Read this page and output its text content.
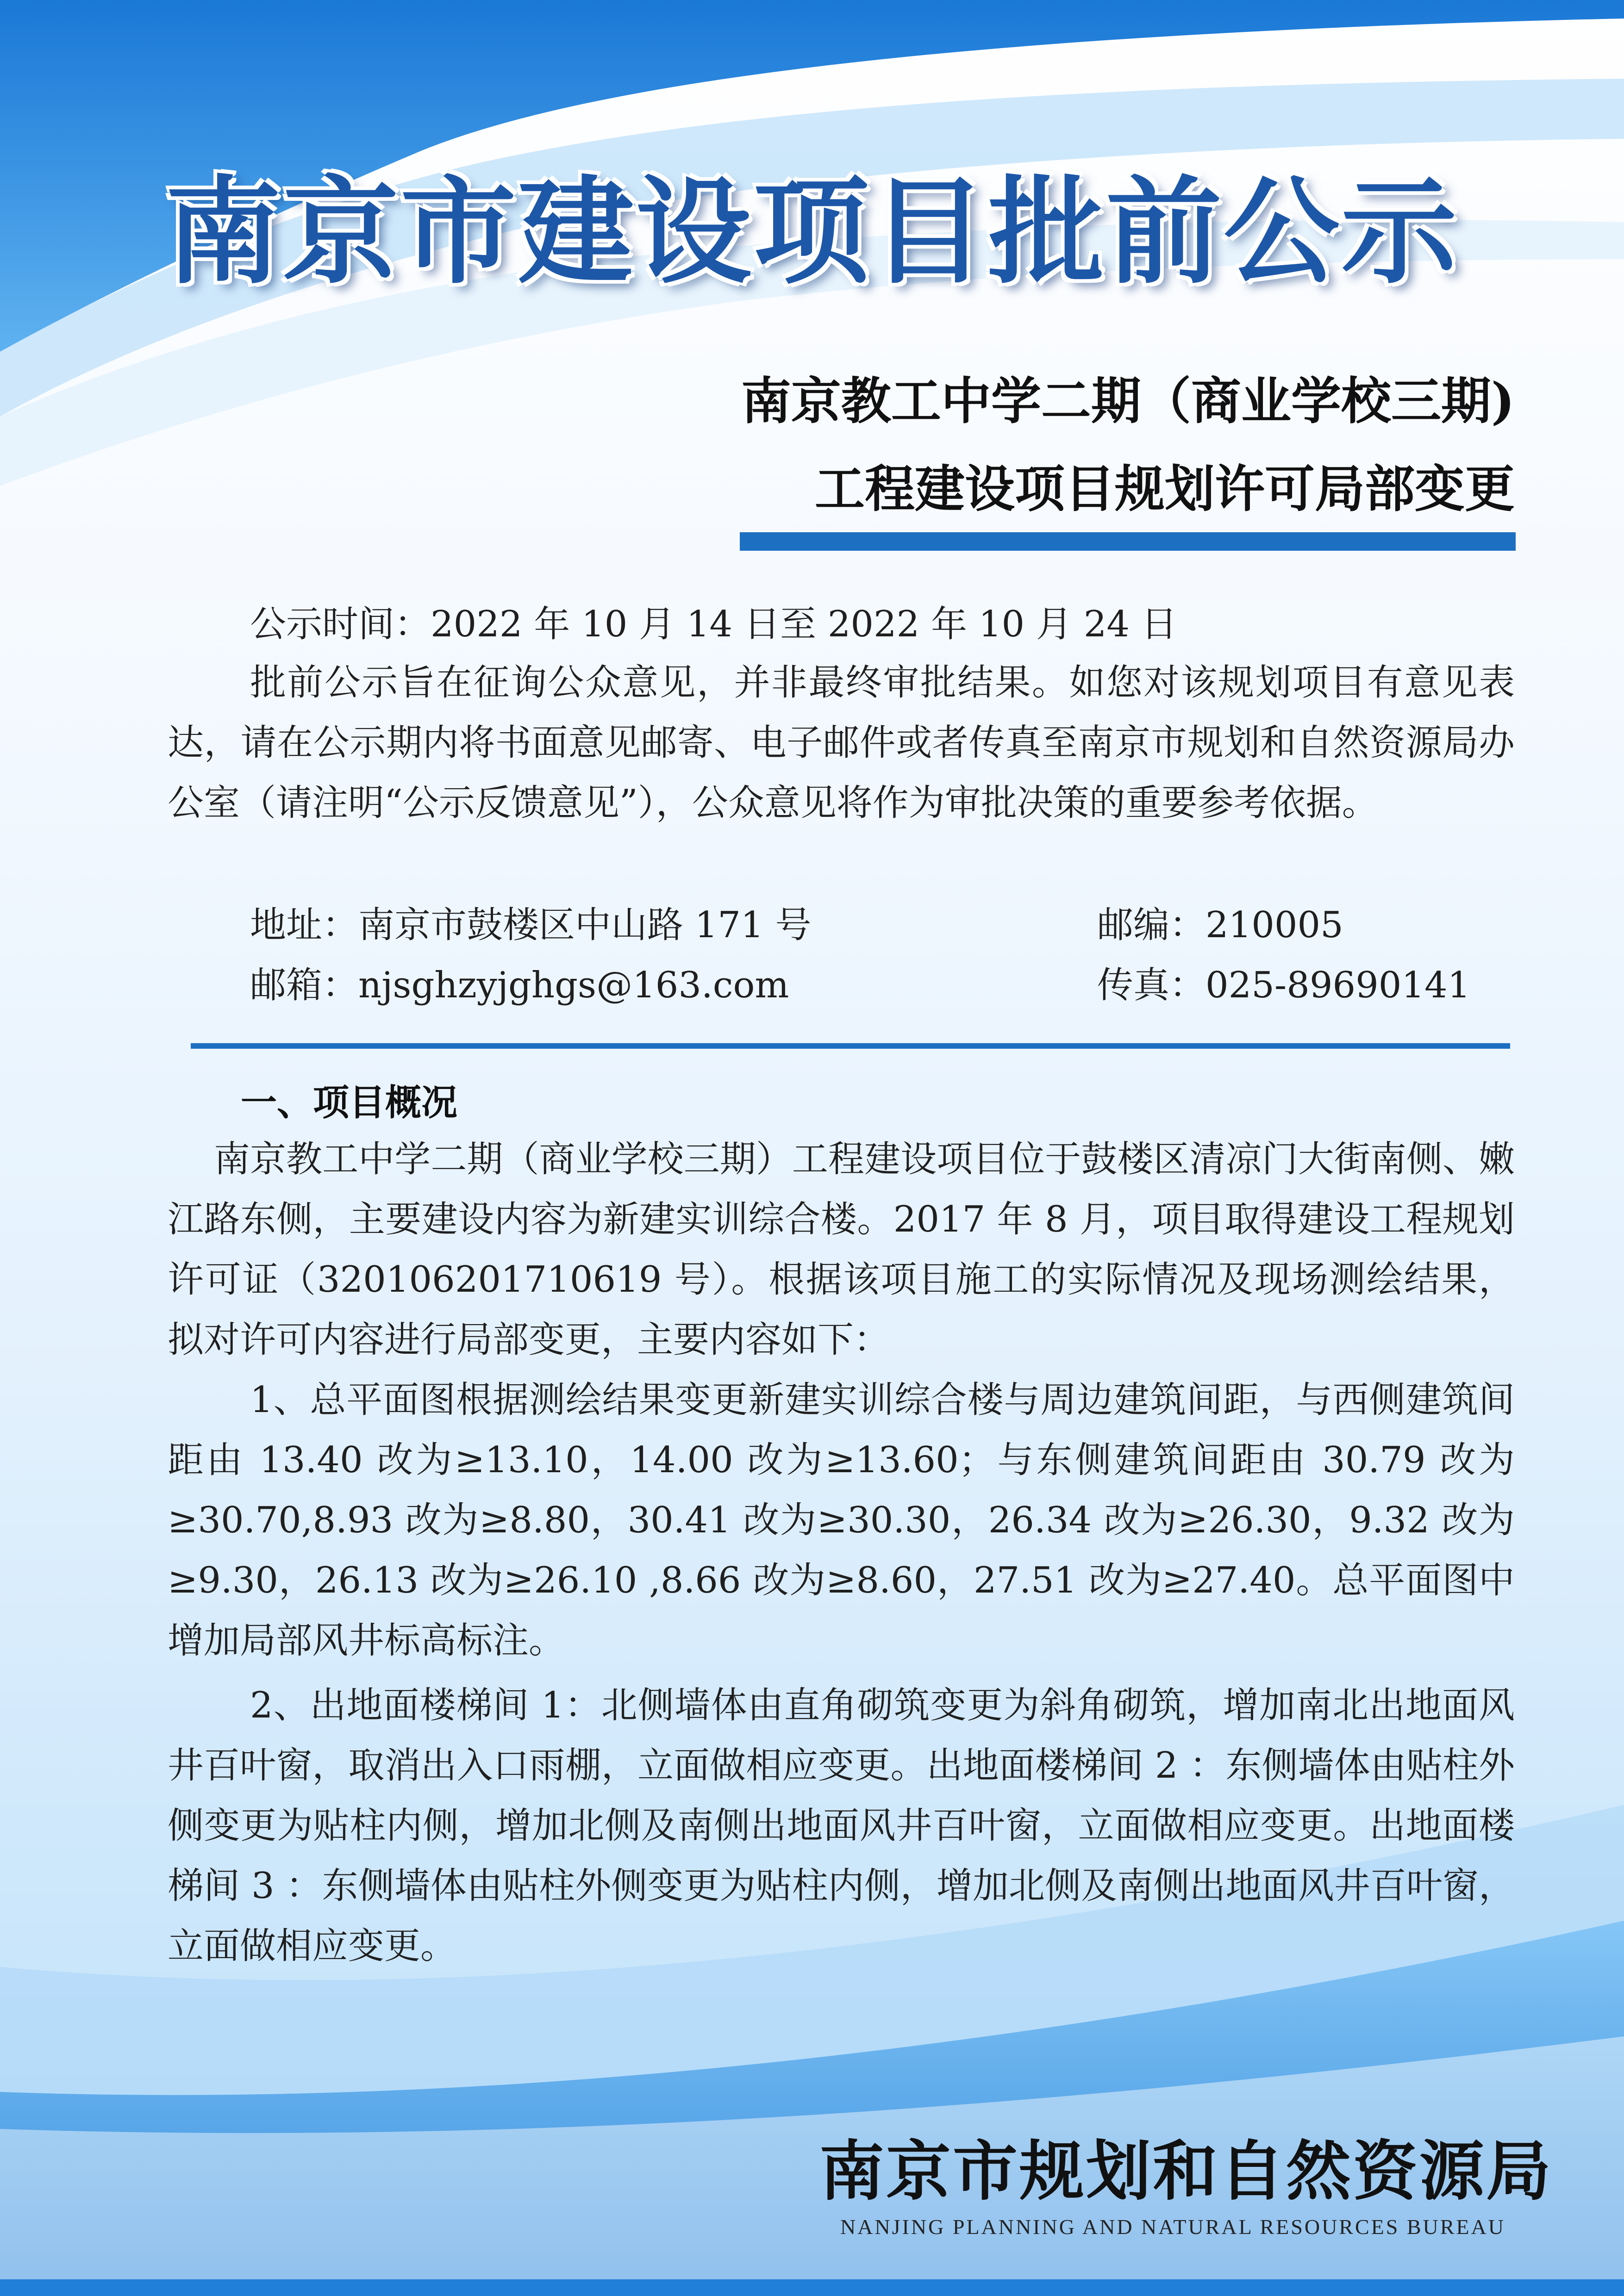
南京市建设项目批前公示
南京教工中学二期（商业学校三期)
工程建设项目规划许可局部变更
公示时间：2022 年 10 月 14 日至 2022 年 10 月 24 日
批前公示旨在征询公众意见，并非最终审批结果。如您对该规划项目有意见表达，请在公示期内将书面意见邮寄、电子邮件或者传真至南京市规划和自然资源局办公室（请注明“公示反馈意见”），公众意见将作为审批决策的重要参考依据。
地址：南京市鼓楼区中山路 171 号	邮编：210005
邮箱：njsghzyjghgs@163.com	传真：025-89690141
一、项目概况
南京教工中学二期（商业学校三期）工程建设项目位于鼓楼区清凉门大街南侧、嫩江路东侧，主要建设内容为新建实训综合楼。2017 年 8 月，项目取得建设工程规划许可证（320106201710619 号）。根据该项目施工的实际情况及现场测绘结果，拟对许可内容进行局部变更，主要内容如下：
1、总平面图根据测绘结果变更新建实训综合楼与周边建筑间距，与西侧建筑间距由 13.40 改为≥13.10，14.00 改为≥13.60；与东侧建筑间距由 30.79 改为≥30.70,8.93 改为≥8.80，30.41 改为≥30.30，26.34 改为≥26.30，9.32 改为≥9.30，26.13 改为≥26.10 ,8.66 改为≥8.60，27.51 改为≥27.40。总平面图中增加局部风井标高标注。
2、出地面楼梯间 1：北侧墙体由直角砌筑变更为斜角砌筑，增加南北出地面风井百叶窗，取消出入口雨棚，立面做相应变更。出地面楼梯间 2 ：东侧墙体由贴柱外侧变更为贴柱内侧，增加北侧及南侧出地面风井百叶窗，立面做相应变更。出地面楼梯间 3 ：东侧墙体由贴柱外侧变更为贴柱内侧，增加北侧及南侧出地面风井百叶窗，立面做相应变更。
南京市规划和自然资源局
NANJING PLANNING AND NATURAL RESOURCES BUREAU
